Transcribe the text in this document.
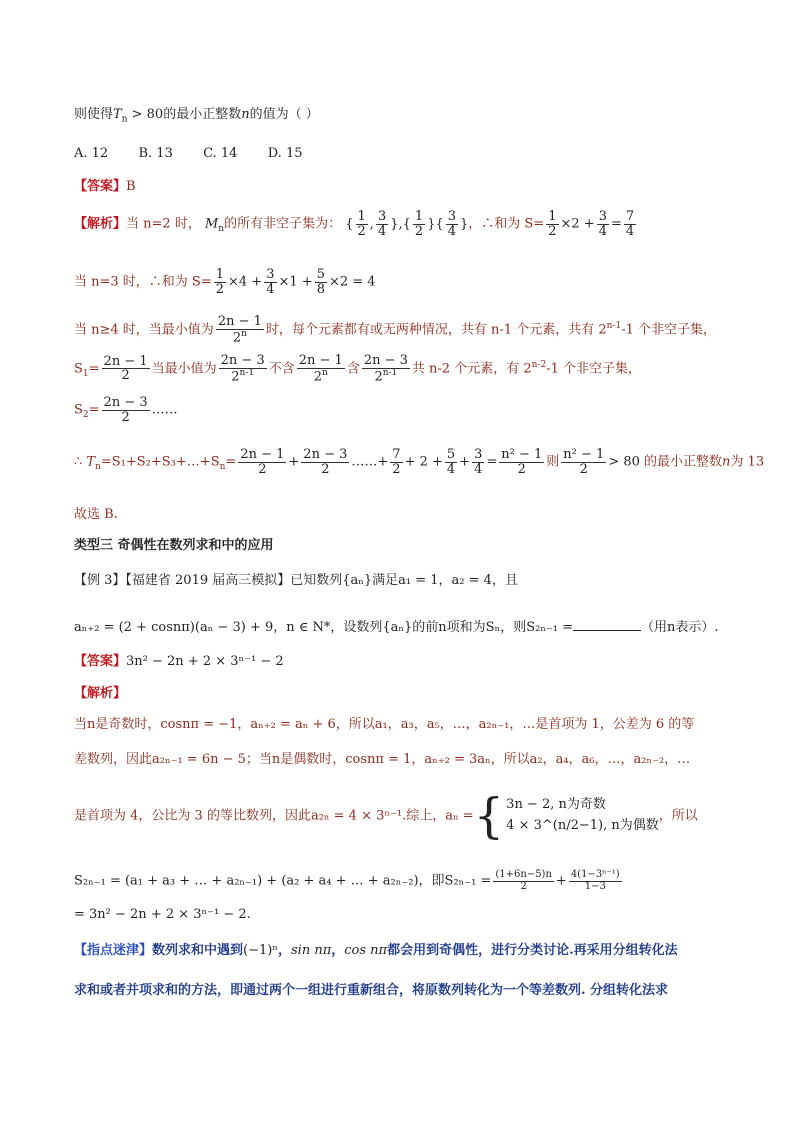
则使得$T_n > 80$的最小正整数n的值为（ ）
A. 12 B. 13 C. 14 D. 15
【答案】B
【解析】当 n=2 时， $M_n$的所有非空子集为： { $\frac{1}{2}$ , $\frac{3}{4}$ },{ $\frac{1}{2}$ }{ $\frac{3}{4}$ }，∴和为 $S= \frac{1}{2} \times 2 + \frac{3}{4} = \frac{7}{4}$
当 n=3 时，∴和为 $S= \frac{1}{2} \times 4 + \frac{3}{4} \times 1 + \frac{5}{8} \times 2 = 4$
当 n≥4 时，当最小值为 $\frac{2n - 1}{2^n}$ 时，每个元素都有或无两种情况，共有 n-1 个元素，共有 2$^{n-1}$-1 个非空子集，
$S_1= \frac{2n - 1}{2}$ 当最小值为 $\frac{2n - 3}{2^{n-1}}$ 不含 $\frac{2n - 1}{2^n}$ 含 $\frac{2n - 3}{2^{n-1}}$ 共 n-2 个元素，有 2$^{n-2}$-1 个非空子集，
$S_2= \frac{2n - 3}{2}$ ……
∴ $T_n=S_1+S_2+S_3+\dots+S_n= \frac{2n - 1}{2} + \frac{2n - 3}{2}$ ……+ $\frac{7}{2} + 2 + \frac{5}{4} + \frac{3}{4} = \frac{\text{n² − 1}}{2}$ 则 $\frac{\text{n² − 1}}{2} > 80$ 的最小正整数n为 13
故选 B.
类型三 奇偶性在数列求和中的应用
【例 3】【福建省 2019 届高三模拟】已知数列{aₙ}满足a₁ = 1，a₂ = 4，且
aₙ₊₂ = (2 + cosnπ)(aₙ − 3) + 9，n ∈ N*，设数列{aₙ}的前n项和为Sₙ，则S₂ₙ₋₁ =	（用n表示）.
【答案】3n² − 2n + 2 × 3ⁿ⁻¹ − 2
【解析】
当n是奇数时，cosnπ = −1，aₙ₊₂ = aₙ + 6，所以a₁，a₃，a₅，…，a₂ₙ₋₁，…是首项为 1，公差为 6 的等
差数列，因此a₂ₙ₋₁ = 6n − 5；当n是偶数时，cosnπ = 1，aₙ₊₂ = 3aₙ，所以a₂，a₄，a₆，…，a₂ₙ₋₂，…
是首项为 4，公比为 3 的等比数列，因此a₂ₙ = 4 × 3ⁿ⁻¹.综上，aₙ ={ 3n − 2, n为奇数
4 × 3^(n/2−1), n为偶数
，所以
S₂ₙ₋₁ = (a₁ + a₃ + … + a₂ₙ₋₁) + (a₂ + a₄ + … + a₂ₙ₋₂)，即$S_{2n-1} = \frac{(1+6n-5)n}{2} + \frac{\text{4(1−3ⁿ⁻¹)}}{1-3}$
= 3n² − 2n + 2 × 3ⁿ⁻¹ − 2.
【指点迷津】数列求和中遇到(−1)ⁿ，sin nπ，cos nπ都会用到奇偶性，进行分类讨论.再采用分组转化法
求和或者并项求和的方法，即通过两个一组进行重新组合，将原数列转化为一个等差数列. 分组转化法求
